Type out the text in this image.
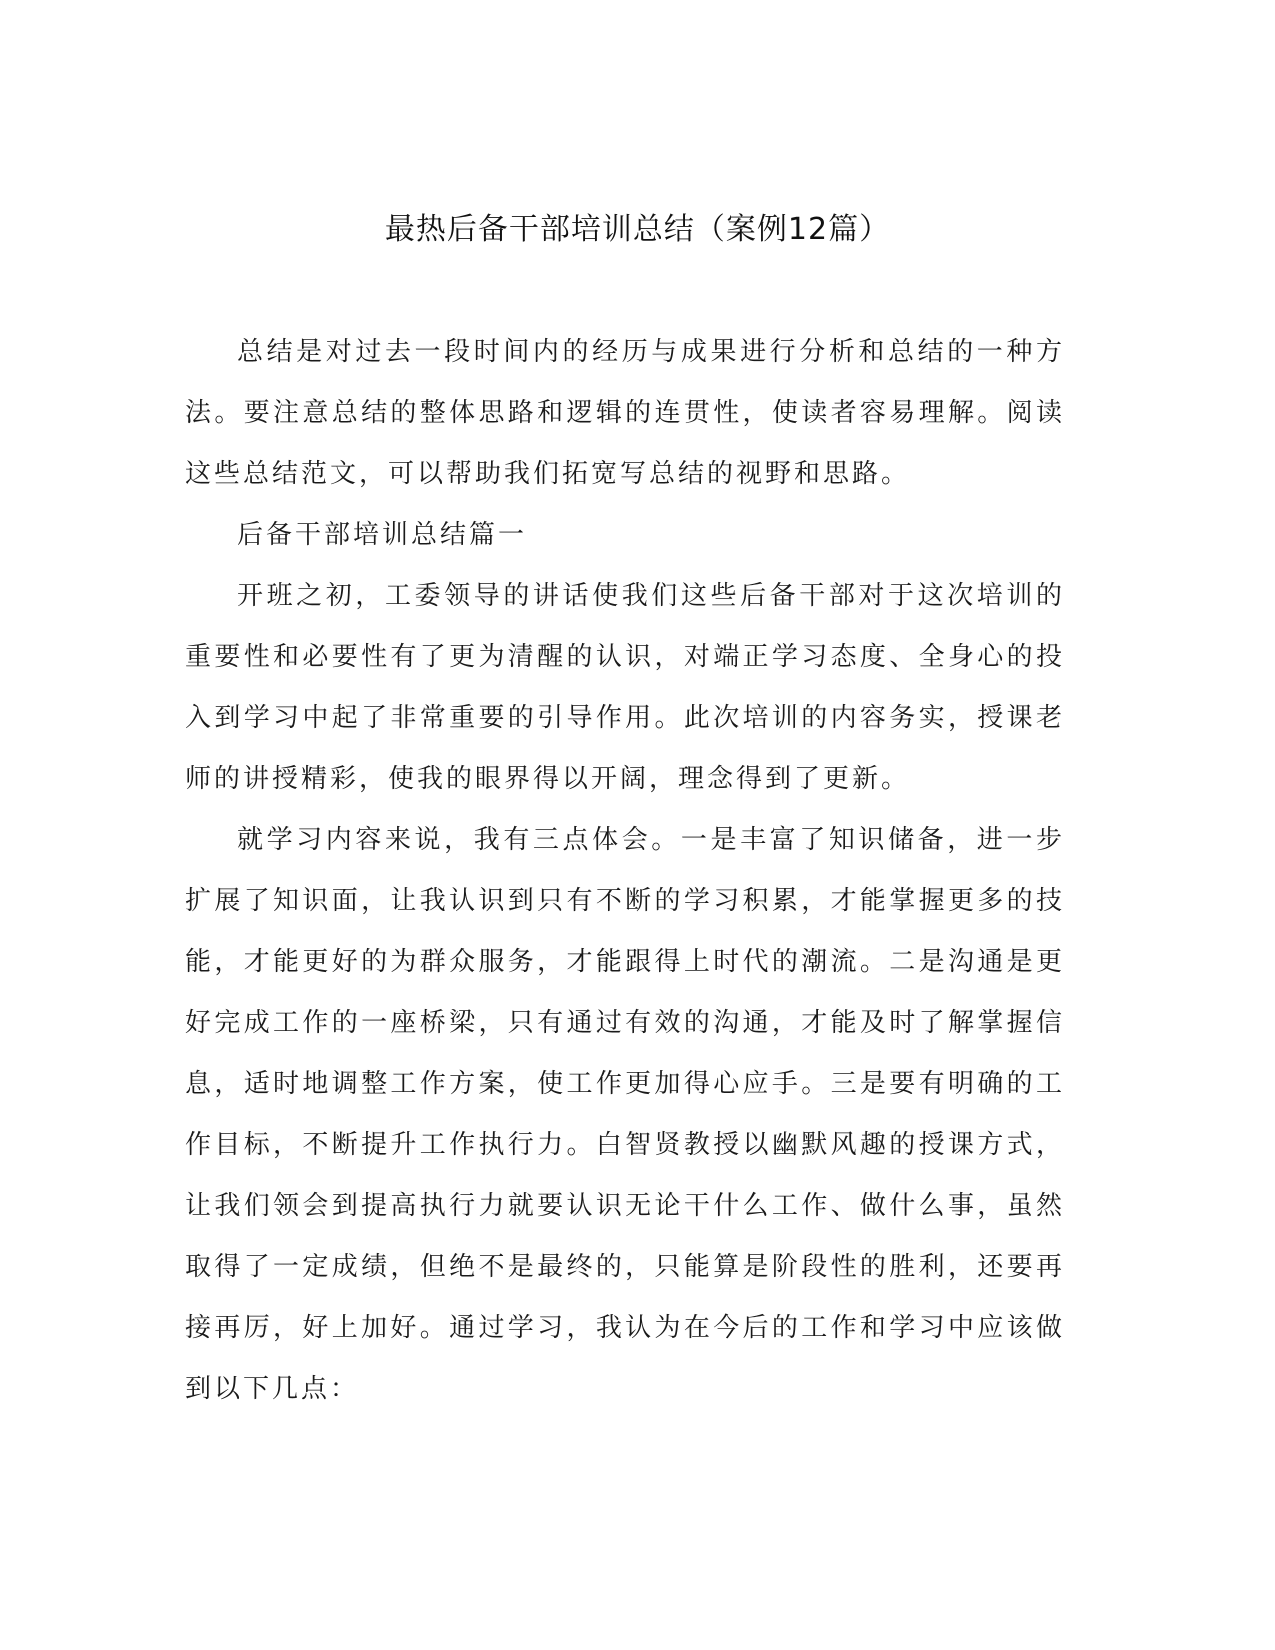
最热后备干部培训总结（案例12篇）

总结是对过去一段时间内的经历与成果进行分析和总结的一种方法。要注意总结的整体思路和逻辑的连贯性，使读者容易理解。阅读这些总结范文，可以帮助我们拓宽写总结的视野和思路。

后备干部培训总结篇一

开班之初，工委领导的讲话使我们这些后备干部对于这次培训的重要性和必要性有了更为清醒的认识，对端正学习态度、全身心的投入到学习中起了非常重要的引导作用。此次培训的内容务实，授课老师的讲授精彩，使我的眼界得以开阔，理念得到了更新。

就学习内容来说，我有三点体会。一是丰富了知识储备，进一步扩展了知识面，让我认识到只有不断的学习积累，才能掌握更多的技能，才能更好的为群众服务，才能跟得上时代的潮流。二是沟通是更好完成工作的一座桥梁，只有通过有效的沟通，才能及时了解掌握信息，适时地调整工作方案，使工作更加得心应手。三是要有明确的工作目标，不断提升工作执行力。白智贤教授以幽默风趣的授课方式，让我们领会到提高执行力就要认识无论干什么工作、做什么事，虽然取得了一定成绩，但绝不是最终的，只能算是阶段性的胜利，还要再接再厉，好上加好。通过学习，我认为在今后的工作和学习中应该做到以下几点：
